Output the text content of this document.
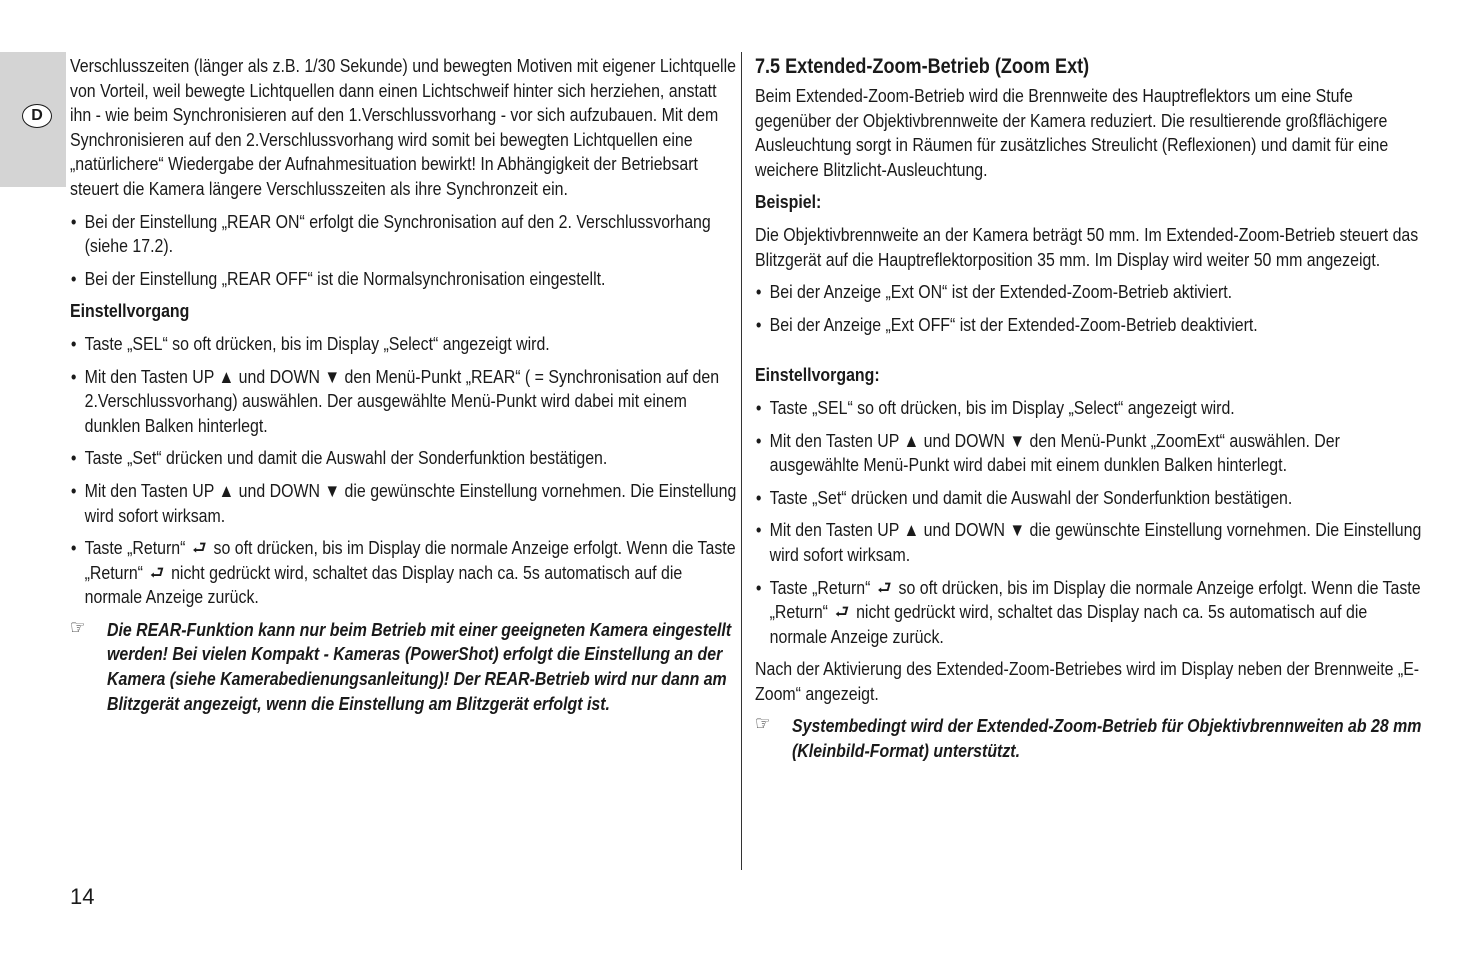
D

Verschlusszeiten (länger als z.B. 1/30 Sekunde) und bewegten Motiven mit eigener Lichtquelle von Vorteil, weil bewegte Lichtquellen dann einen Lichtschweif hinter sich herziehen, anstatt ihn - wie beim Synchronisieren auf den 1.Verschlussvorhang - vor sich aufzubauen. Mit dem Synchronisieren auf den 2.Verschlussvorhang wird somit bei bewegten Lichtquellen eine „natürlichere“ Wiedergabe der Aufnahmesituation bewirkt! In Abhängigkeit der Betriebsart steuert die Kamera längere Verschlusszeiten als ihre Synchronzeit ein.

• Bei der Einstellung „REAR ON“ erfolgt die Synchronisation auf den 2. Verschlussvorhang (siehe 17.2).
• Bei der Einstellung „REAR OFF“ ist die Normalsynchronisation eingestellt.

Einstellvorgang

• Taste „SEL“ so oft drücken, bis im Display „Select“ angezeigt wird.
• Mit den Tasten UP ▲ und DOWN ▼ den Menü-Punkt „REAR“ ( = Synchronisation auf den 2.Verschlussvorhang) auswählen. Der ausgewählte Menü-Punkt wird dabei mit einem dunklen Balken hinterlegt.
• Taste „Set“ drücken und damit die Auswahl der Sonderfunktion bestätigen.
• Mit den Tasten UP ▲ und DOWN ▼ die gewünschte Einstellung vornehmen. Die Einstellung wird sofort wirksam.
• Taste „Return“ ⮐ so oft drücken, bis im Display die normale Anzeige erfolgt. Wenn die Taste „Return“ ⮐ nicht gedrückt wird, schaltet das Display nach ca. 5s automatisch auf die normale Anzeige zurück.
☞ Die REAR-Funktion kann nur beim Betrieb mit einer geeigneten Kamera eingestellt werden! Bei vielen Kompakt - Kameras (PowerShot) erfolgt die Einstellung an der Kamera (siehe Kamerabedienungsanleitung)! Der REAR-Betrieb wird nur dann am Blitzgerät angezeigt, wenn die Einstellung am Blitzgerät erfolgt ist.

7.5 Extended-Zoom-Betrieb (Zoom Ext)

Beim Extended-Zoom-Betrieb wird die Brennweite des Hauptreflektors um eine Stufe gegenüber der Objektivbrennweite der Kamera reduziert. Die resultierende großflächigere Ausleuchtung sorgt in Räumen für zusätzliches Streulicht (Reflexionen) und damit für eine weichere Blitzlicht-Ausleuchtung.

Beispiel:

Die Objektivbrennweite an der Kamera beträgt 50 mm. Im Extended-Zoom-Betrieb steuert das Blitzgerät auf die Hauptreflektorposition 35 mm. Im Display wird weiter 50 mm angezeigt.

• Bei der Anzeige „Ext ON“ ist der Extended-Zoom-Betrieb aktiviert.
• Bei der Anzeige „Ext OFF“ ist der Extended-Zoom-Betrieb deaktiviert.

Einstellvorgang:

• Taste „SEL“ so oft drücken, bis im Display „Select“ angezeigt wird.
• Mit den Tasten UP ▲ und DOWN ▼ den Menü-Punkt „ZoomExt“ auswählen. Der ausgewählte Menü-Punkt wird dabei mit einem dunklen Balken hinterlegt.
• Taste „Set“ drücken und damit die Auswahl der Sonderfunktion bestätigen.
• Mit den Tasten UP ▲ und DOWN ▼ die gewünschte Einstellung vornehmen. Die Einstellung wird sofort wirksam.
• Taste „Return“ ⮐ so oft drücken, bis im Display die normale Anzeige erfolgt. Wenn die Taste „Return“ ⮐ nicht gedrückt wird, schaltet das Display nach ca. 5s automatisch auf die normale Anzeige zurück.

Nach der Aktivierung des Extended-Zoom-Betriebes wird im Display neben der Brennweite „E-Zoom“ angezeigt.

☞ Systembedingt wird der Extended-Zoom-Betrieb für Objektivbrennweiten ab 28 mm (Kleinbild-Format) unterstützt.
14
